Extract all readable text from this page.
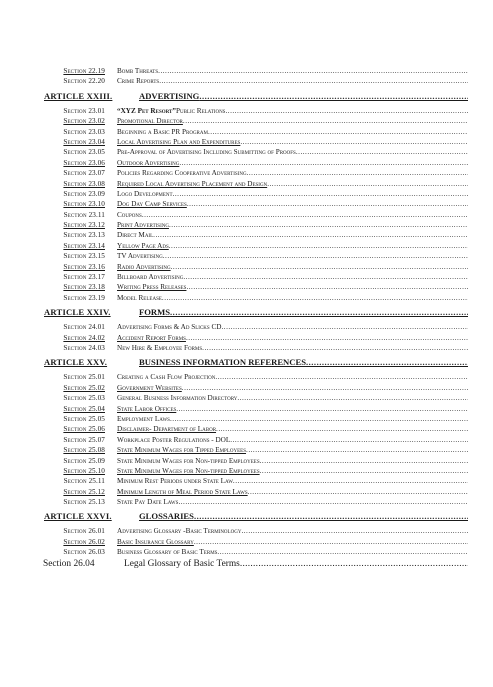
Section 22.19	Bomb Threats
.....
Section 22.20	Crime Reports
.....
ARTICLE XXIII.	ADVERTISING
.....
Section 23.01	“XYZ Pet Resort”Public Relations
.....
Section 23.02	Promotional Director
.....
Section 23.03	Beginning a Basic PR Program
.....
Section 23.04	Local Advertising Plan and Expenditures
.....
Section 23.05	Pre-Approval of Advertising Including Submitting of Proofs
.....
Section 23.06	Outdoor Advertising
.....
Section 23.07	Policies Regarding Cooperative Advertising
.....
Section 23.08	Required Local Advertising Placement and Design
.....
Section 23.09	Logo Development
.....
Section 23.10	Dog Day Camp Services
.....
Section 23.11	Coupons
.....
Section 23.12	Print Advertising
.....
Section 23.13	Direct Mail
.....
Section 23.14	Yellow Page Ads
.....
Section 23.15	TV Advertising
.....
Section 23.16	Radio Advertising
.....
Section 23.17	Billboard Advertising
.....
Section 23.18	Writing Press Releases
.....
Section 23.19	Model Release
.....
ARTICLE XXIV.	FORMS
.....
Section 24.01	Advertising Forms & Ad Slicks CD
.....
Section 24.02	Accident Report Forms
.....
Section 24.03	New Hire & Employee Forms
.....
ARTICLE XXV.	BUSINESS INFORMATION REFERENCES
.....
Section 25.01	Creating a Cash Flow Projection
.....
Section 25.02	Government Websites
.....
Section 25.03	General Business Information Directory
.....
Section 25.04	State Labor Offices
.....
Section 25.05	Employment Laws
.....
Section 25.06	Disclaimer- Department of Labor
.....
Section 25.07	Workplace Poster Regulations - DOL
.....
Section 25.08	State Minimum Wages for Tipped Employees
.....
Section 25.09	State Minimum Wages for Non-tipped Employees
.....
Section 25.10	State Minimum Wages for Non-tipped Employees
.....
Section 25.11	Minimum Rest Periods under State Law
.....
Section 25.12	Minimum Length of Meal Period State Laws
.....
Section 25.13	State Pay Date Laws
.....
ARTICLE XXVI.	GLOSSARIES
.....
Section 26.01	Advertising Glossary -Basic Terminology
.....
Section 26.02	Basic Insurance Glossary
.....
Section 26.03	Business Glossary of Basic Terms
.....
Section 26.04	Legal Glossary of Basic Terms
.....
